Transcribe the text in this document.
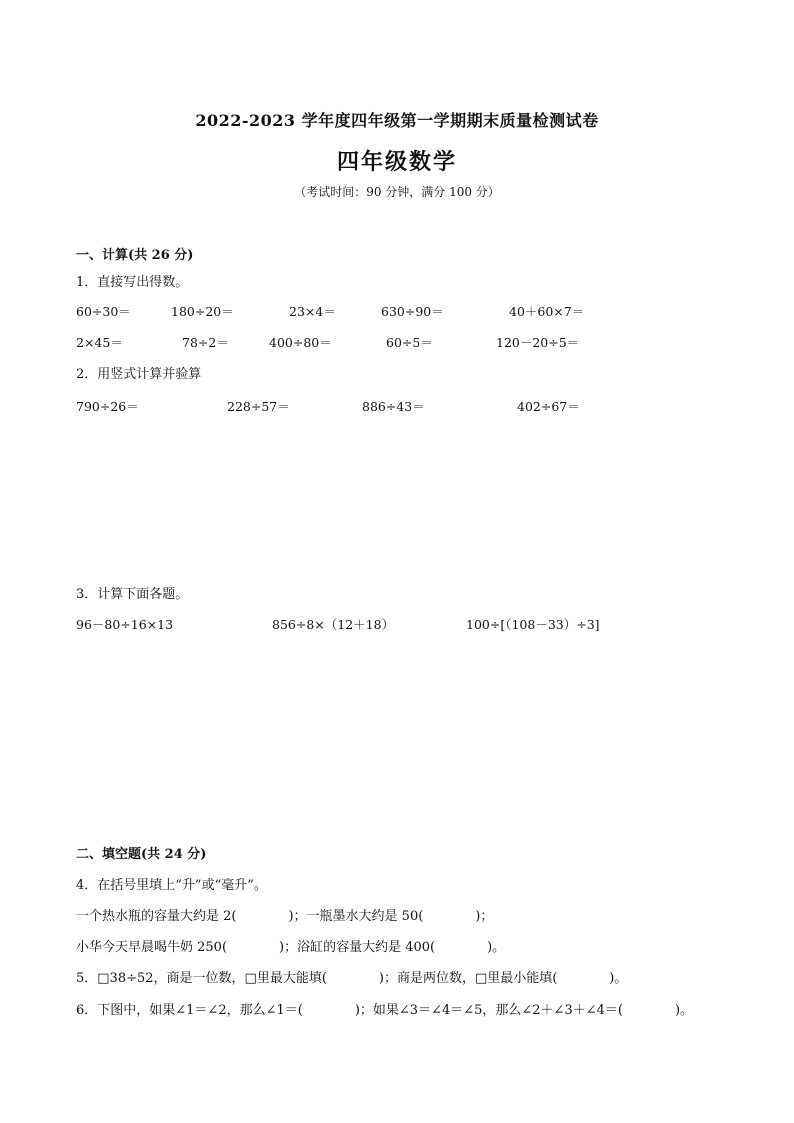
2022-2023 学年度四年级第一学期期末质量检测试卷
四年级数学
（考试时间：90 分钟，满分 100 分）
一、计算(共 26 分)
1．直接写出得数。
60÷30＝	180÷20＝	23×4＝	630÷90＝	40＋60×7＝
2×45＝	78÷2＝	400÷80＝	60÷5＝	120－20÷5＝
2．用竖式计算并验算
790÷26＝	228÷57＝	886÷43＝	402÷67＝
3．计算下面各题。
96－80÷16×13	856÷8×（12＋18）	100÷[（108－33）÷3]
二、填空题(共 24 分)
4．在括号里填上“升”或“毫升”。
一个热水瓶的容量大约是 2(　　　　)；一瓶墨水大约是 50(　　　　)；
小华今天早晨喝牛奶 250(　　　　)；浴缸的容量大约是 400(　　　　)。
5．□38÷52，商是一位数，□里最大能填(　　　　)；商是两位数，□里最小能填(　　　　)。
6．下图中，如果∠1＝∠2，那么∠1＝(　　　　)；如果∠3＝∠4＝∠5，那么∠2＋∠3＋∠4＝(　　　　)。
